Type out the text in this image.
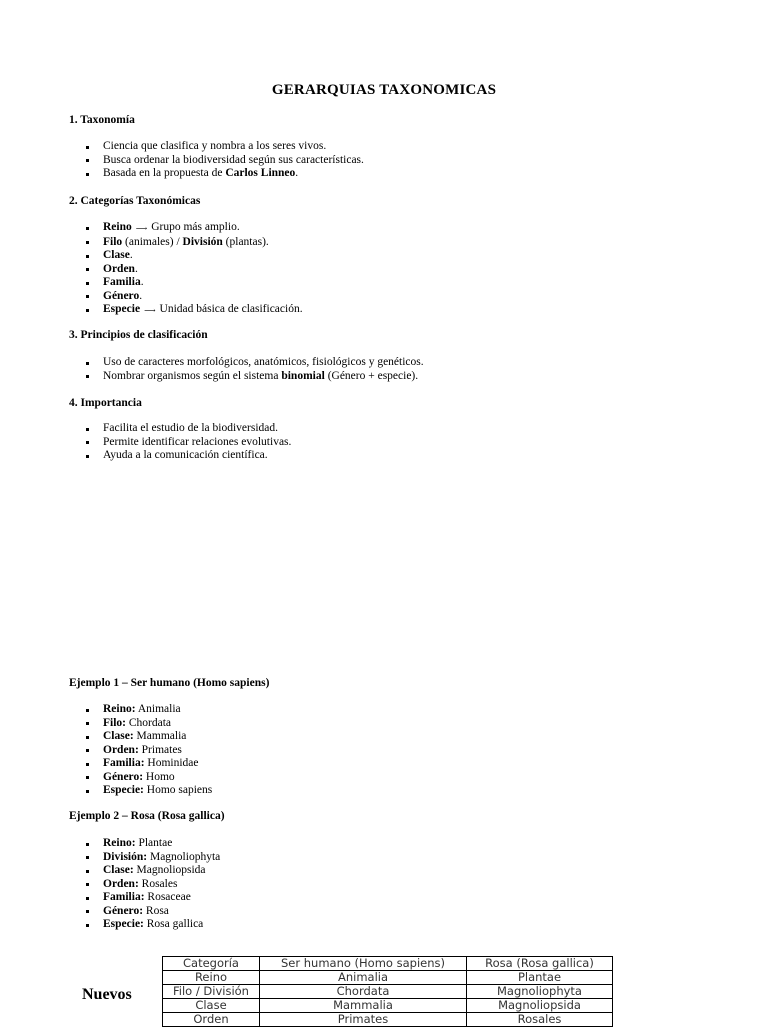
GERARQUIAS TAXONOMICAS
1. Taxonomía
Ciencia que clasifica y nombra a los seres vivos.
Busca ordenar la biodiversidad según sus características.
Basada en la propuesta de Carlos Linneo.
2. Categorías Taxonómicas
Reino ⟶ Grupo más amplio.
Filo (animales) / División (plantas).
Clase.
Orden.
Familia.
Género.
Especie ⟶ Unidad básica de clasificación.
3. Principios de clasificación
Uso de caracteres morfológicos, anatómicos, fisiológicos y genéticos.
Nombrar organismos según el sistema binomial (Género + especie).
4. Importancia
Facilita el estudio de la biodiversidad.
Permite identificar relaciones evolutivas.
Ayuda a la comunicación científica.
Ejemplo 1 – Ser humano (Homo sapiens)
Reino: Animalia
Filo: Chordata
Clase: Mammalia
Orden: Primates
Familia: Hominidae
Género: Homo
Especie: Homo sapiens
Ejemplo 2 – Rosa (Rosa gallica)
Reino: Plantae
División: Magnoliophyta
Clase: Magnoliopsida
Orden: Rosales
Familia: Rosaceae
Género: Rosa
Especie: Rosa gallica
Nuevos
Categoría	Ser humano (Homo sapiens)	Rosa (Rosa gallica)
Reino	Animalia	Plantae
Filo / División	Chordata	Magnoliophyta
Clase	Mammalia	Magnoliopsida
Orden	Primates	Rosales
